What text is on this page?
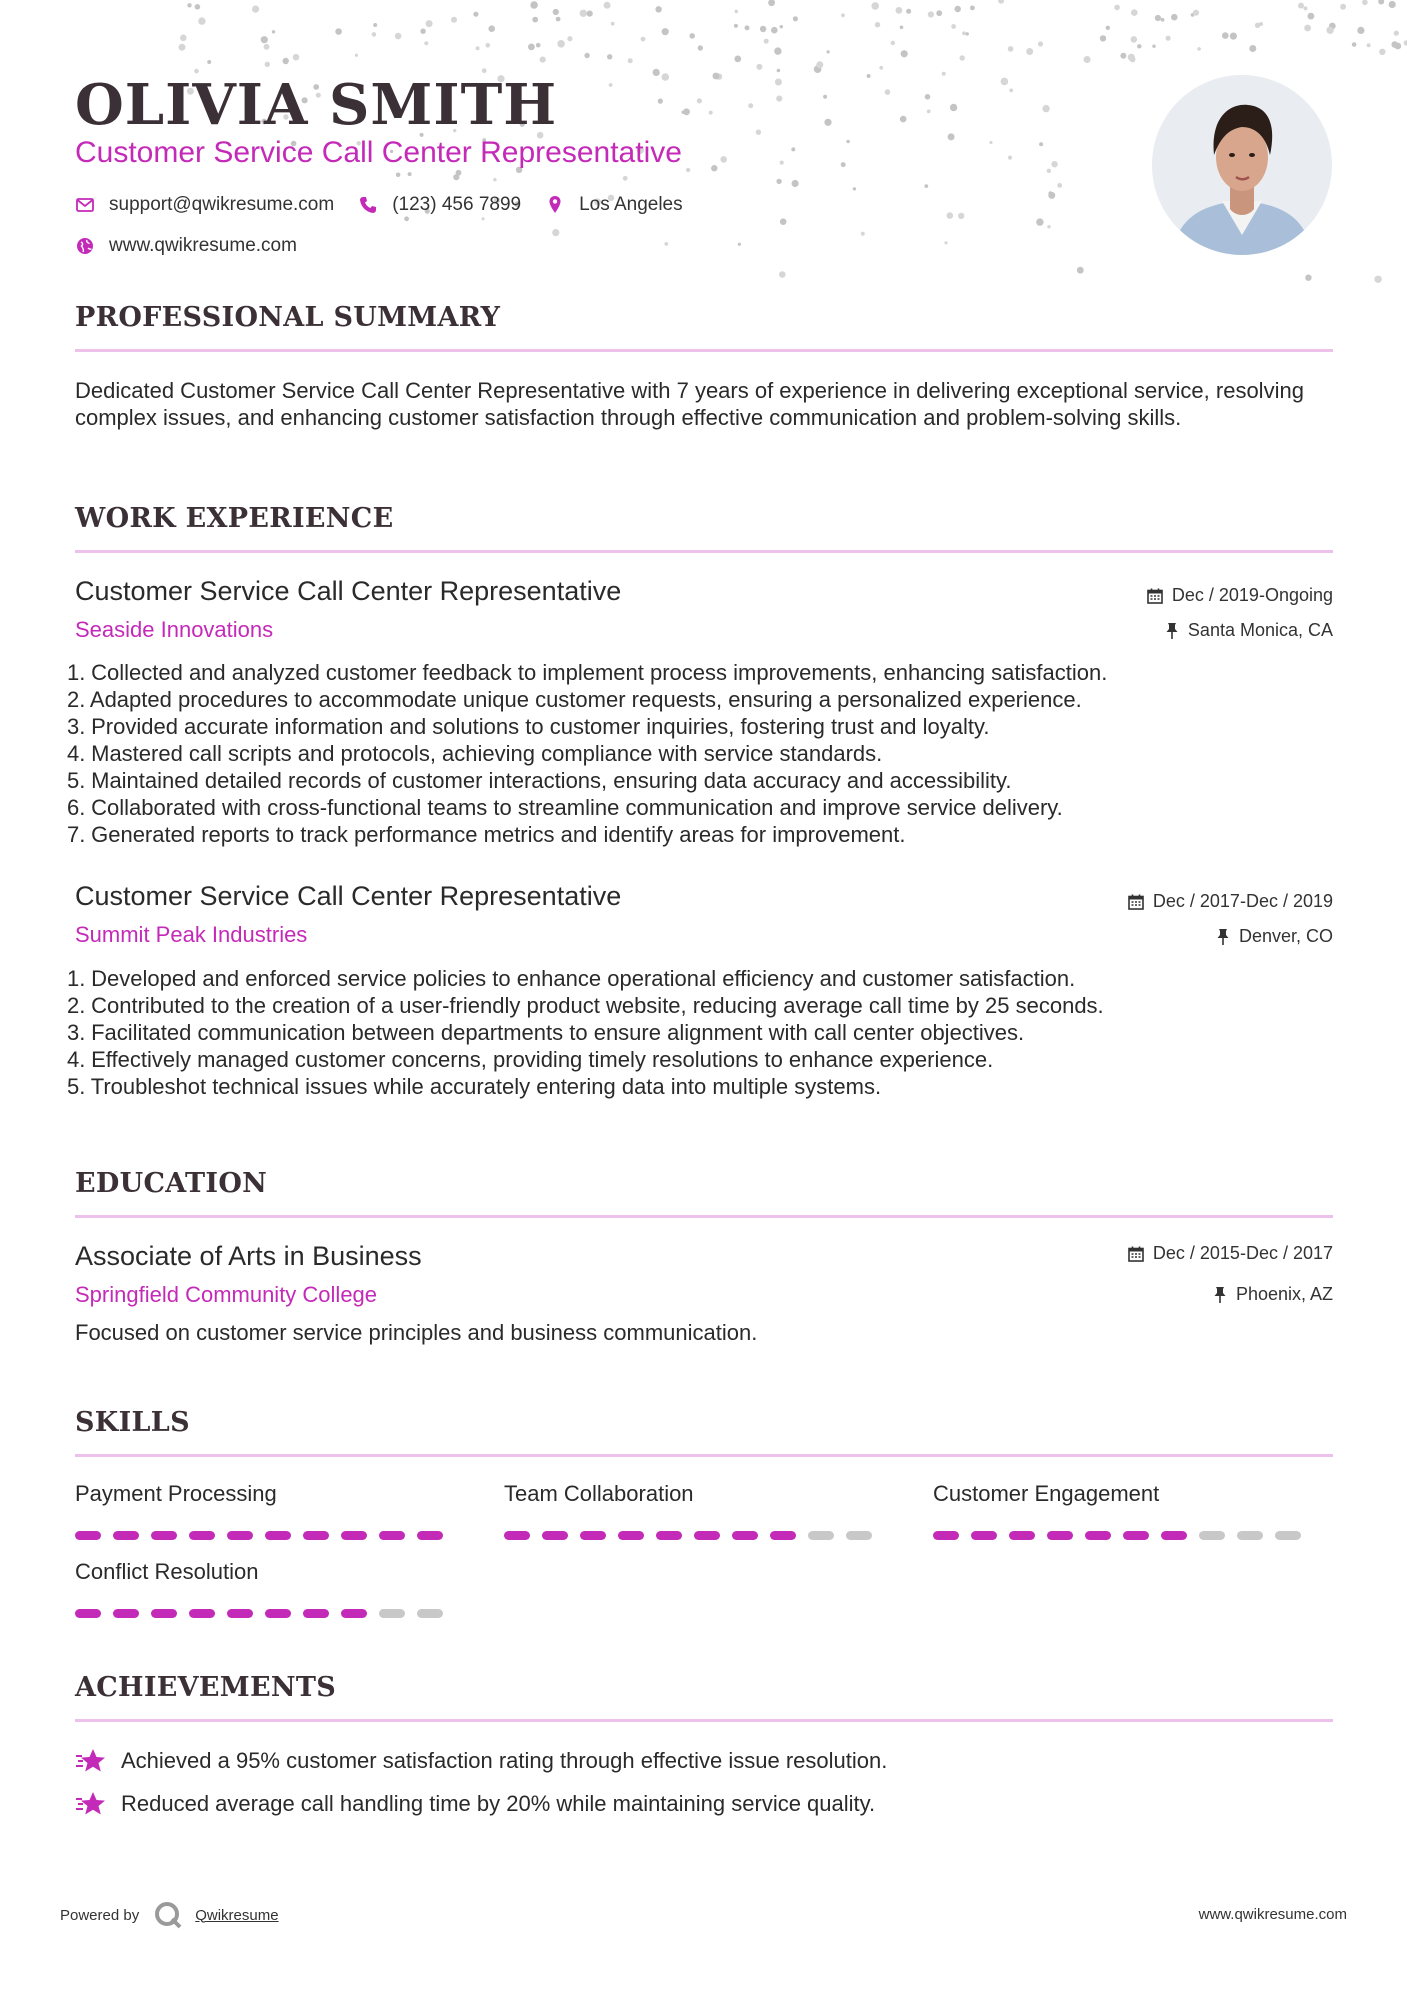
OLIVIA SMITH

Customer Service Call Center Representative

support@qwikresume.com	(123) 456 7899	Los Angeles
www.qwikresume.com
PROFESSIONAL SUMMARY

Dedicated Customer Service Call Center Representative with 7 years of experience in delivering exceptional service, resolving complex issues, and enhancing customer satisfaction through effective communication and problem-solving skills.

WORK EXPERIENCE

Customer Service Call Center Representative	Dec / 2019-Ongoing

Seaside Innovations	Santa Monica, CA
1. Collected and analyzed customer feedback to implement process improvements, enhancing satisfaction.
2. Adapted procedures to accommodate unique customer requests, ensuring a personalized experience.
3. Provided accurate information and solutions to customer inquiries, fostering trust and loyalty.
4. Mastered call scripts and protocols, achieving compliance with service standards.
5. Maintained detailed records of customer interactions, ensuring data accuracy and accessibility.
6. Collaborated with cross-functional teams to streamline communication and improve service delivery.
7. Generated reports to track performance metrics and identify areas for improvement.

Customer Service Call Center Representative	Dec / 2017-Dec / 2019

Summit Peak Industries	Denver, CO
1. Developed and enforced service policies to enhance operational efficiency and customer satisfaction.
2. Contributed to the creation of a user-friendly product website, reducing average call time by 25 seconds.
3. Facilitated communication between departments to ensure alignment with call center objectives.
4. Effectively managed customer concerns, providing timely resolutions to enhance experience.
5. Troubleshot technical issues while accurately entering data into multiple systems.
EDUCATION

Associate of Arts in Business	Dec / 2015-Dec / 2017

Springfield Community College	Phoenix, AZ

Focused on customer service principles and business communication.

SKILLS

Payment Processing	Team Collaboration	Customer Engagement

Conflict Resolution

ACHIEVEMENTS
Achieved a 95% customer satisfaction rating through effective issue resolution.
Reduced average call handling time by 20% while maintaining service quality.
Powered by	Qwikresume	www.qwikresume.com
